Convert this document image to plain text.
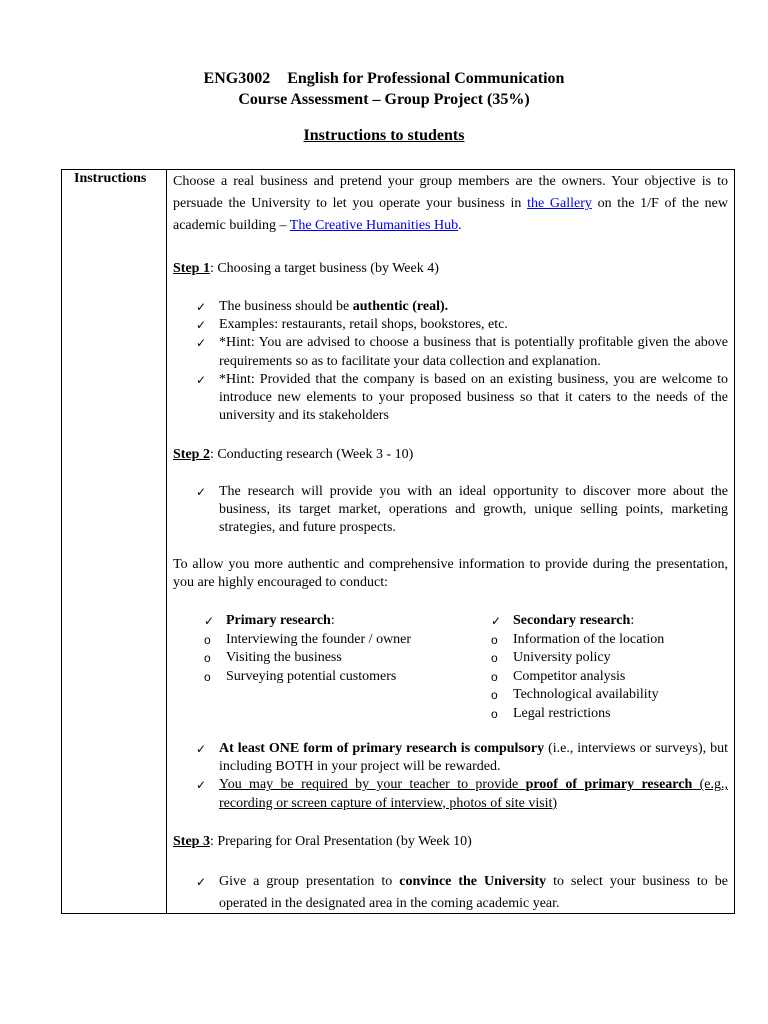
ENG3002 English for Professional Communication
Course Assessment – Group Project (35%)
Instructions to students
Instructions Choose a real business and pretend your group members are the owners. Your objective is to persuade the University to let you operate your business in the Gallery on the 1/F of the new academic building – The Creative Humanities Hub.
Step 1: Choosing a target business (by Week 4)
✓ The business should be authentic (real).
✓ Examples: restaurants, retail shops, bookstores, etc.
✓ *Hint: You are advised to choose a business that is potentially profitable given the above requirements so as to facilitate your data collection and explanation.
✓ *Hint: Provided that the company is based on an existing business, you are welcome to introduce new elements to your proposed business so that it caters to the needs of the university and its stakeholders
Step 2: Conducting research (Week 3 - 10)
✓ The research will provide you with an ideal opportunity to discover more about the business, its target market, operations and growth, unique selling points, marketing strategies, and future prospects.
To allow you more authentic and comprehensive information to provide during the presentation, you are highly encouraged to conduct:
✓ Primary research:
o Interviewing the founder / owner
o Visiting the business
o Surveying potential customers
✓ Secondary research:
o Information of the location
o University policy
o Competitor analysis
o Technological availability
o Legal restrictions
✓ At least ONE form of primary research is compulsory (i.e., interviews or surveys), but including BOTH in your project will be rewarded.
✓ You may be required by your teacher to provide proof of primary research (e.g., recording or screen capture of interview, photos of site visit)
Step 3: Preparing for Oral Presentation (by Week 10)
✓ Give a group presentation to convince the University to select your business to be operated in the designated area in the coming academic year.
